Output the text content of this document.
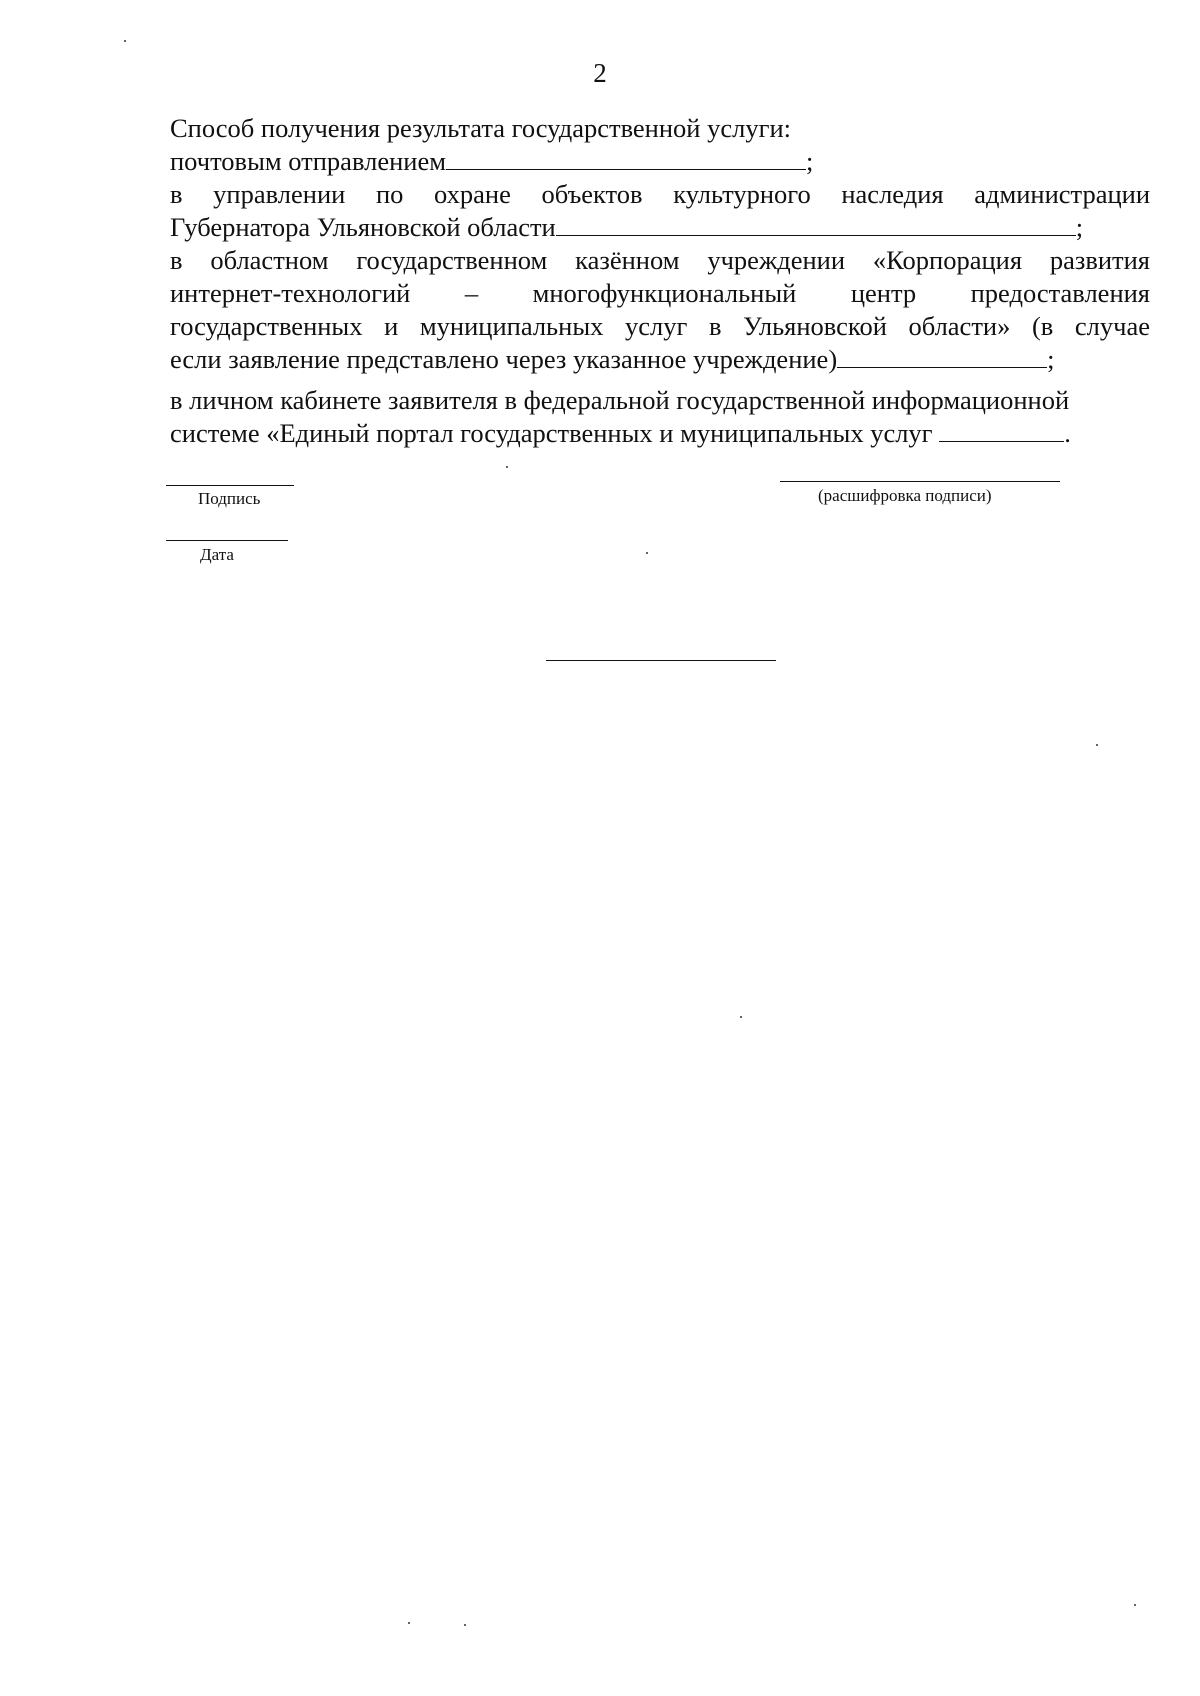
2
Способ получения результата государственной услуги:
почтовым отправлением	;
в управлении по охране объектов культурного наследия администрации
Губернатора Ульяновской области	;
в областном государственном казённом учреждении «Корпорация развития
интернет-технологий – многофункциональный центр предоставления
государственных и муниципальных услуг в Ульяновской области» (в случае
если заявление представлено через указанное учреждение)	;
в личном кабинете заявителя в федеральной государственной информационной
системе «Единый портал государственных и муниципальных услуг	.
Подпись	(расшифровка подписи)
Дата
